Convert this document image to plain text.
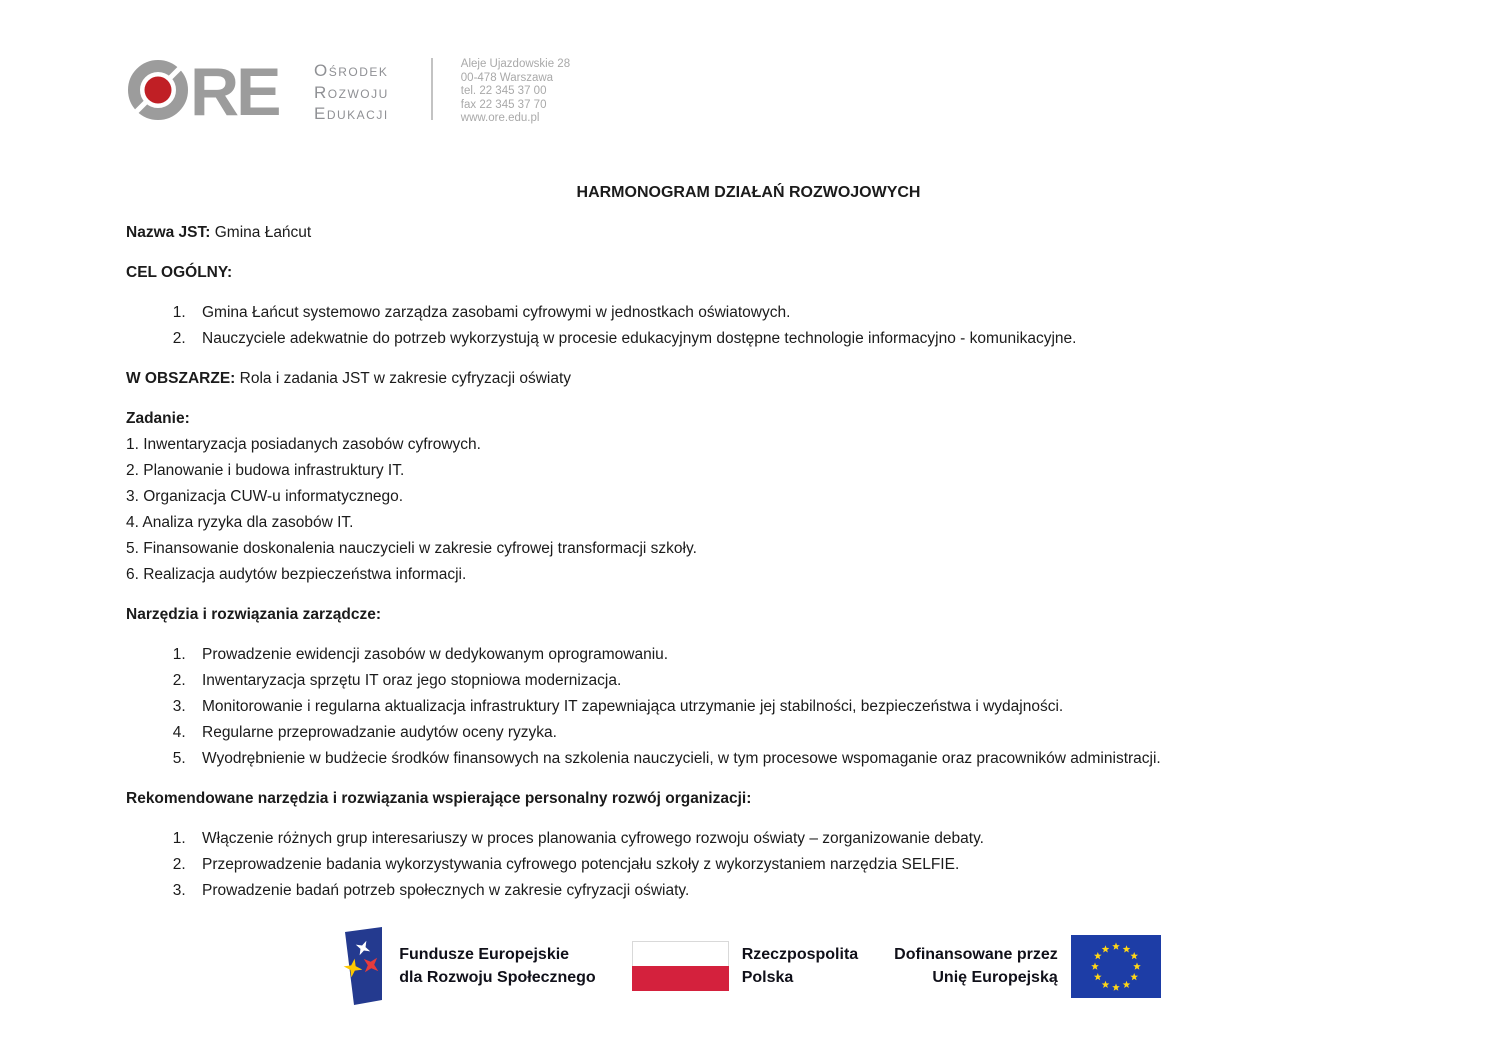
RE Ośrodek
Rozwoju
Edukacji
Aleje Ujazdowskie 28
00-478 Warszawa
tel. 22 345 37 00
fax 22 345 37 70
www.ore.edu.pl
HARMONOGRAM DZIAŁAŃ ROZWOJOWYCH

Nazwa JST: Gmina Łańcut

CEL OGÓLNY:

1. Gmina Łańcut systemowo zarządza zasobami cyfrowymi w jednostkach oświatowych.
2. Nauczyciele adekwatnie do potrzeb wykorzystują w procesie edukacyjnym dostępne technologie informacyjno - komunikacyjne.

W OBSZARZE: Rola i zadania JST w zakresie cyfryzacji oświaty

Zadanie:

1. Inwentaryzacja posiadanych zasobów cyfrowych.
2. Planowanie i budowa infrastruktury IT.
3. Organizacja CUW-u informatycznego.
4. Analiza ryzyka dla zasobów IT.
5. Finansowanie doskonalenia nauczycieli w zakresie cyfrowej transformacji szkoły.
6. Realizacja audytów bezpieczeństwa informacji.

Narzędzia i rozwiązania zarządcze:

1. Prowadzenie ewidencji zasobów w dedykowanym oprogramowaniu.
2. Inwentaryzacja sprzętu IT oraz jego stopniowa modernizacja.
3. Monitorowanie i regularna aktualizacja infrastruktury IT zapewniająca utrzymanie jej stabilności, bezpieczeństwa i wydajności.
4. Regularne przeprowadzanie audytów oceny ryzyka.
5. Wyodrębnienie w budżecie środków finansowych na szkolenia nauczycieli, w tym procesowe wspomaganie oraz pracowników administracji.

Rekomendowane narzędzia i rozwiązania wspierające personalny rozwój organizacji:

1. Włączenie różnych grup interesariuszy w proces planowania cyfrowego rozwoju oświaty – zorganizowanie debaty.
2. Przeprowadzenie badania wykorzystywania cyfrowego potencjału szkoły z wykorzystaniem narzędzia SELFIE.
3. Prowadzenie badań potrzeb społecznych w zakresie cyfryzacji oświaty.
Fundusze Europejskie
dla Rozwoju Społecznego
Rzeczpospolita
Polska
Dofinansowane przez
Unię Europejską
